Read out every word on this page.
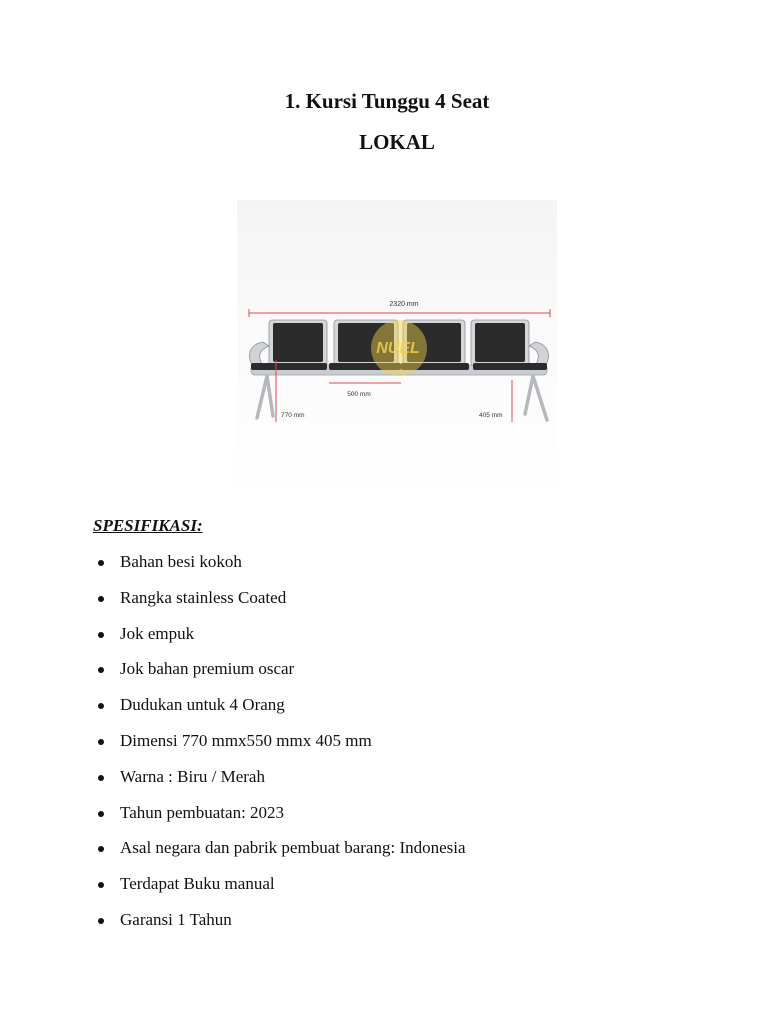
1. Kursi Tunggu 4 Seat
LOKAL
2320 mm
NUEL
500 mm
770 mm	405 mm
SPESIFIKASI:
Bahan besi kokoh
Rangka stainless Coated
Jok empuk
Jok bahan premium oscar
Dudukan untuk 4 Orang
Dimensi 770 mmx550 mmx 405 mm
Warna : Biru / Merah
Tahun pembuatan: 2023
Asal negara dan pabrik pembuat barang: Indonesia
Terdapat Buku manual
Garansi 1 Tahun
